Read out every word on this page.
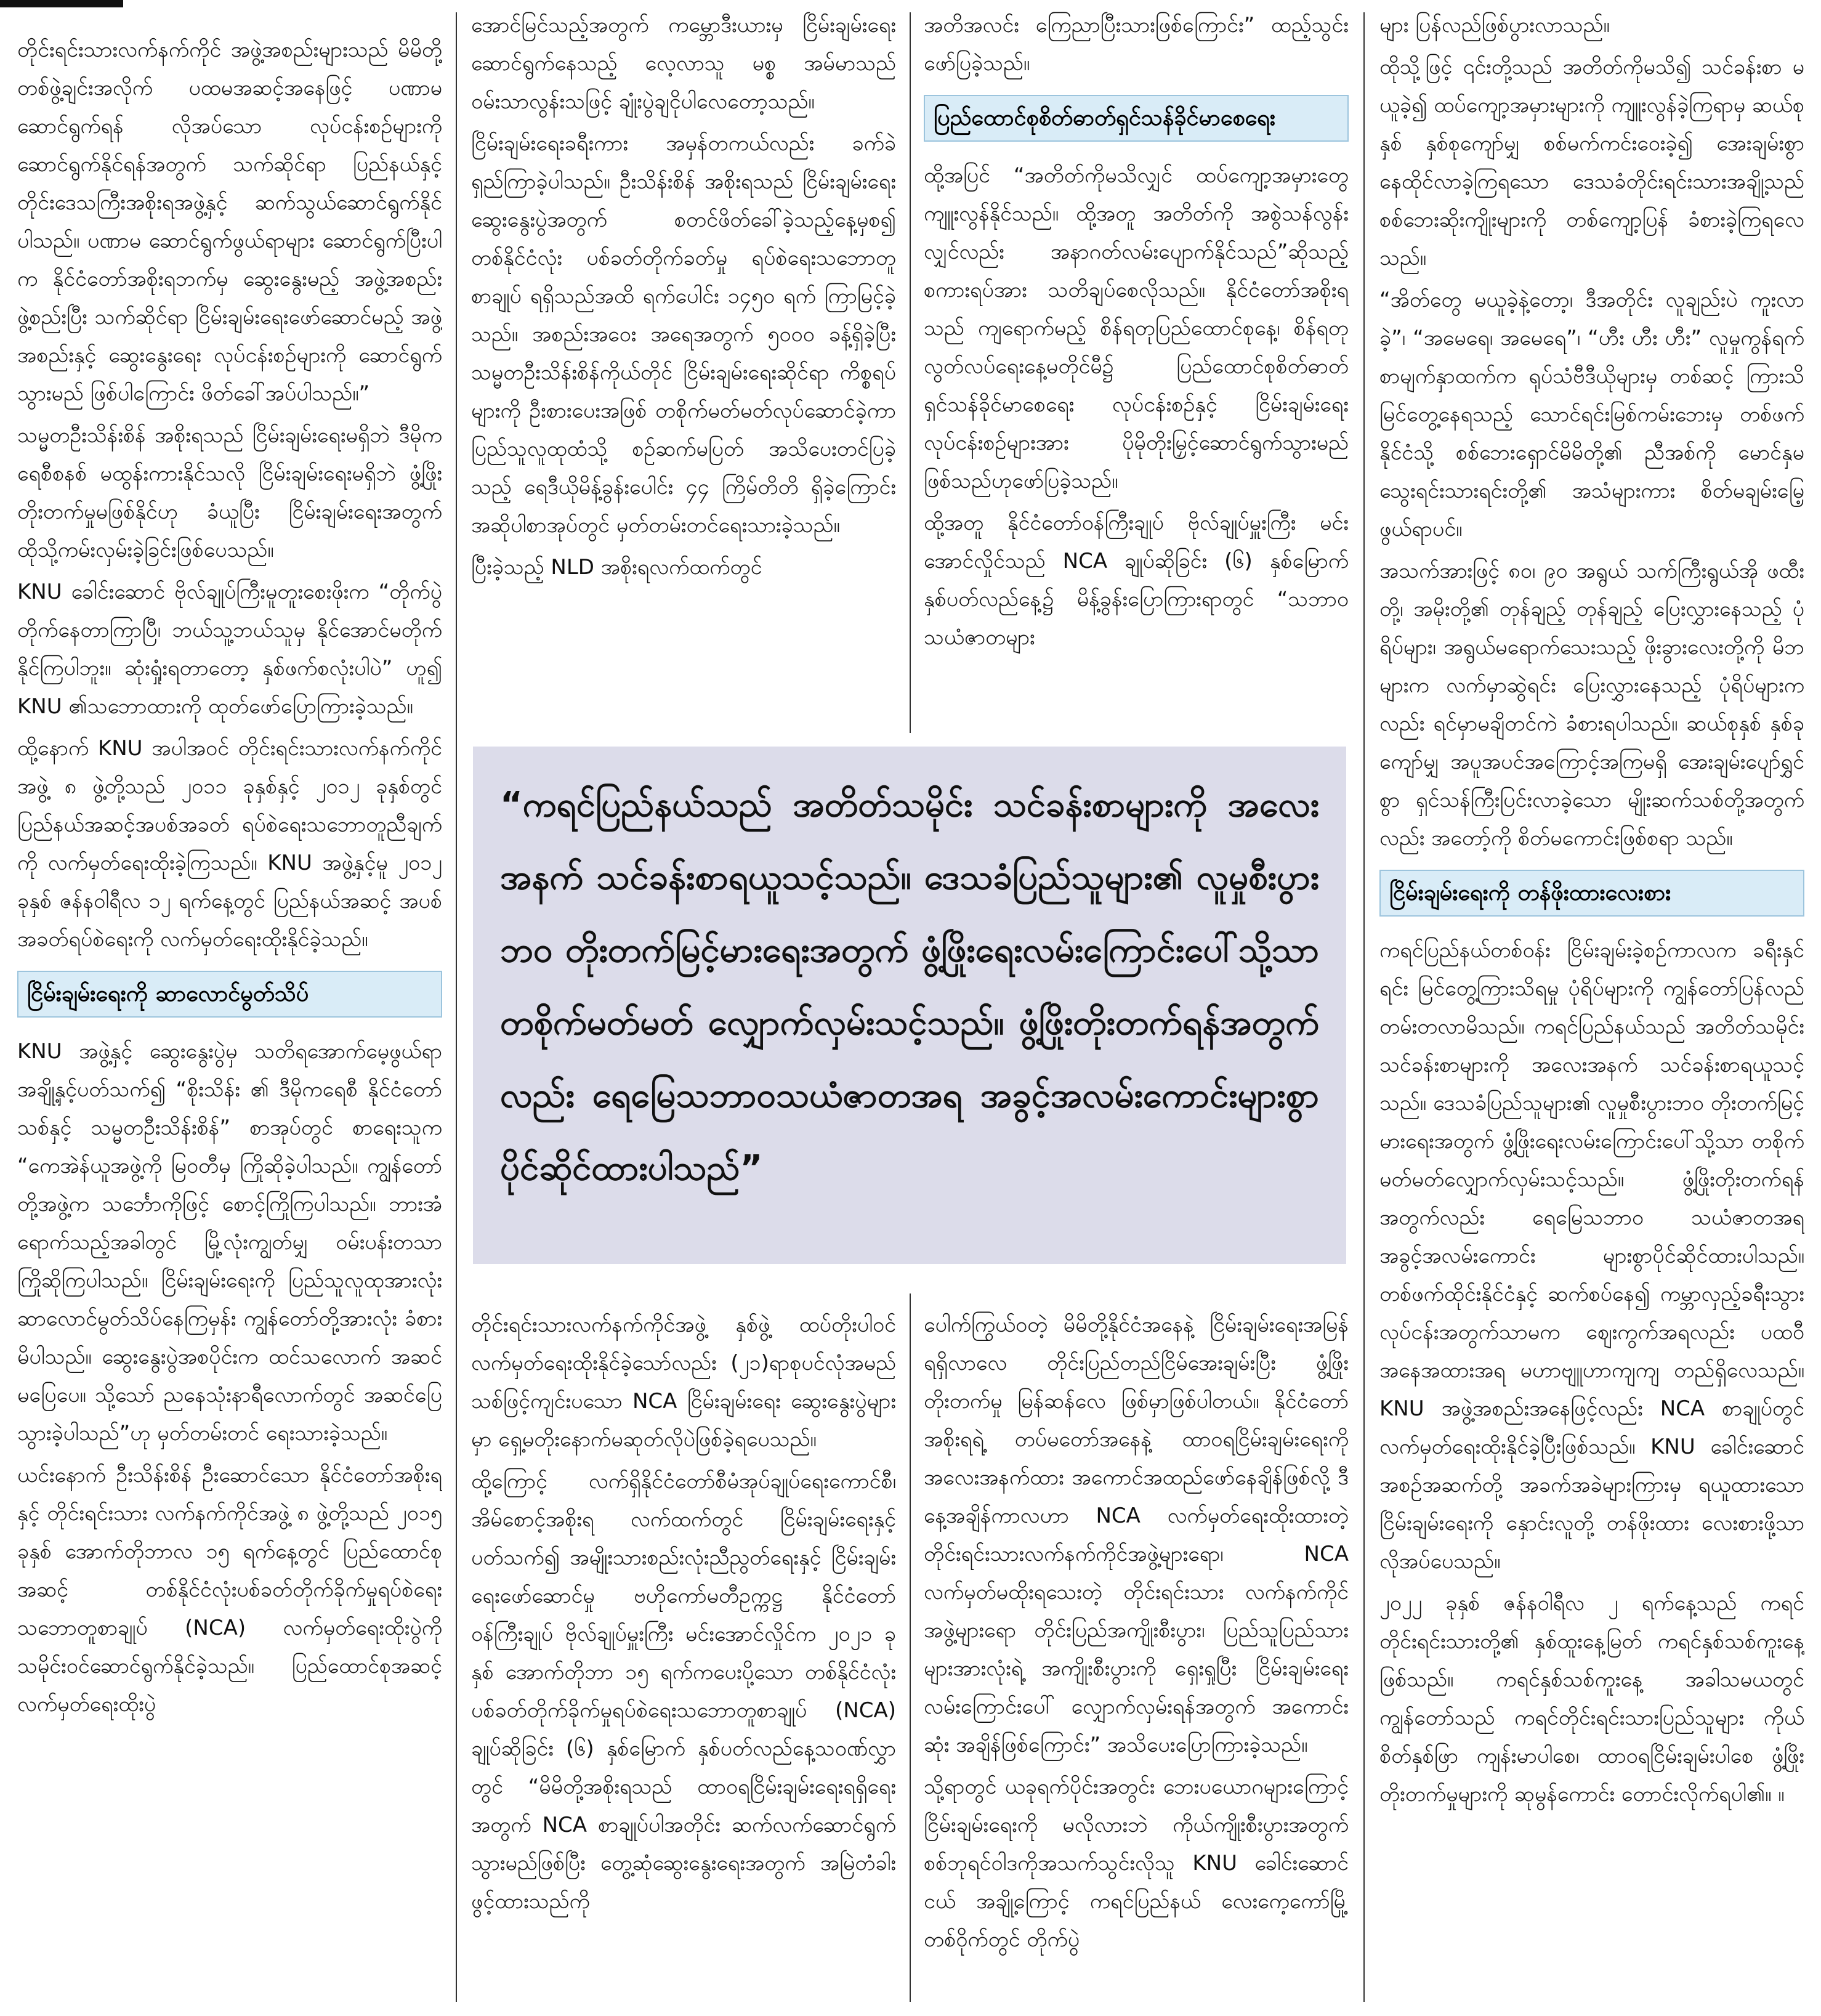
တိုင်းရင်းသားလက်နက်ကိုင် အဖွဲ့အစည်းများသည် မိမိတို့ တစ်ဖွဲ့ချင်းအလိုက် ပထမအဆင့်အနေဖြင့် ပဏာမဆောင်ရွက်ရန် လိုအပ်သော လုပ်ငန်းစဉ်များကို ဆောင်ရွက်နိုင်ရန်အတွက် သက်ဆိုင်ရာ ပြည်နယ်နှင့် တိုင်းဒေသကြီးအစိုးရအဖွဲ့နှင့် ဆက်သွယ်ဆောင်ရွက်နိုင်ပါသည်။ ပဏာမ ဆောင်ရွက်ဖွယ်ရာများ ဆောင်ရွက်ပြီးပါက နိုင်ငံတော်အစိုးရဘက်မှ ဆွေးနွေးမည့် အဖွဲ့အစည်း ဖွဲ့စည်းပြီး သက်ဆိုင်ရာ ငြိမ်းချမ်းရေးဖော်ဆောင်မည့် အဖွဲ့အစည်းနှင့် ဆွေးနွေးရေး လုပ်ငန်းစဉ်များကို ဆောင်ရွက်သွားမည် ဖြစ်ပါကြောင်း ဖိတ်ခေါ်အပ်ပါသည်။”

သမ္မတဦးသိန်းစိန် အစိုးရသည် ငြိမ်းချမ်းရေးမရှိဘဲ ဒီမိုကရေစီစနစ် မထွန်းကားနိုင်သလို ငြိမ်းချမ်းရေးမရှိဘဲ ဖွံ့ဖြိုးတိုးတက်မှုမဖြစ်နိုင်ဟု ခံယူပြီး ငြိမ်းချမ်းရေးအတွက် ထိုသို့ကမ်းလှမ်းခဲ့ခြင်းဖြစ်ပေသည်။

KNU ခေါင်းဆောင် ဗိုလ်ချုပ်ကြီးမူတူးစေးဖိုးက “တိုက်ပွဲတိုက်နေတာကြာပြီ၊ ဘယ်သူ့ဘယ်သူမှ နိုင်အောင်မတိုက်နိုင်ကြပါဘူး။ ဆုံးရှုံးရတာတော့ နှစ်ဖက်စလုံးပါပဲ” ဟူ၍ KNU ၏သဘောထားကို ထုတ်ဖော်ပြောကြားခဲ့သည်။

ထို့နောက် KNU အပါအဝင် တိုင်းရင်းသားလက်နက်ကိုင်အဖွဲ့ ၈ ဖွဲ့တို့သည် ၂၀၁၁ ခုနှစ်နှင့် ၂၀၁၂ ခုနှစ်တွင် ပြည်နယ်အဆင့်အပစ်အခတ် ရပ်စဲရေးသဘောတူညီချက်ကို လက်မှတ်ရေးထိုးခဲ့ကြသည်။ KNU အဖွဲ့နှင့်မူ ၂၀၁၂ ခုနှစ် ဇန်နဝါရီလ ၁၂ ရက်နေ့တွင် ပြည်နယ်အဆင့် အပစ်အခတ်ရပ်စဲရေးကို လက်မှတ်ရေးထိုးနိုင်ခဲ့သည်။

ငြိမ်းချမ်းရေးကို ဆာလောင်မွတ်သိပ်

KNU အဖွဲ့နှင့် ဆွေးနွေးပွဲမှ သတိရအောက်မေ့ဖွယ်ရာအချို့နှင့်ပတ်သက်၍ “စိုးသိန်း ၏ ဒီမိုကရေစီ နိုင်ငံတော်သစ်နှင့် သမ္မတဦးသိန်းစိန်” စာအုပ်တွင် စာရေးသူက “ကေအဲန်ယူအဖွဲ့ကို မြဝတီမှ ကြိုဆိုခဲ့ပါသည်။ ကျွန်တော်တို့အဖွဲ့က သင်္ဘောကိုဖြင့် စောင့်ကြိုကြပါသည်။ ဘားအံရောက်သည့်အခါတွင် မြို့လုံးကျွတ်မျှ ဝမ်းပန်းတသာကြိုဆိုကြပါသည်။ ငြိမ်းချမ်းရေးကို ပြည်သူလူထုအားလုံး ဆာလောင်မွတ်သိပ်နေကြမှန်း ကျွန်တော်တို့အားလုံး ခံစားမိပါသည်။ ဆွေးနွေးပွဲအစပိုင်းက ထင်သလောက် အဆင်မပြေပေ။ သို့သော် ညနေသုံးနာရီလောက်တွင် အဆင်ပြေသွားခဲ့ပါသည်”ဟု မှတ်တမ်းတင် ရေးသားခဲ့သည်။

ယင်းနောက် ဦးသိန်းစိန် ဦးဆောင်သော နိုင်ငံတော်အစိုးရနှင့် တိုင်းရင်းသား လက်နက်ကိုင်အဖွဲ့ ၈ ဖွဲ့တို့သည် ၂၀၁၅ ခုနှစ် အောက်တိုဘာလ ၁၅ ရက်နေ့တွင် ပြည်ထောင်စုအဆင့် တစ်နိုင်ငံလုံးပစ်ခတ်တိုက်ခိုက်မှုရပ်စဲရေး သဘောတူစာချုပ် (NCA) လက်မှတ်ရေးထိုးပွဲကို သမိုင်းဝင်ဆောင်ရွက်နိုင်ခဲ့သည်။ ပြည်ထောင်စုအဆင့် လက်မှတ်ရေးထိုးပွဲ

အောင်မြင်သည့်အတွက် ကမ္ဘောဒီးယားမှ ငြိမ်းချမ်းရေးဆောင်ရွက်နေသည့် လေ့လာသူ မစ္စ အမ်မာသည် ဝမ်းသာလွန်းသဖြင့် ချုံးပွဲချငိုပါလေတော့သည်။

ငြိမ်းချမ်းရေးခရီးကား အမှန်တကယ်လည်း ခက်ခဲရှည်ကြာခဲ့ပါသည်။ ဦးသိန်းစိန် အစိုးရသည် ငြိမ်းချမ်းရေးဆွေးနွေးပွဲအတွက် စတင်ဖိတ်ခေါ်ခဲ့သည့်နေ့မှစ၍ တစ်နိုင်ငံလုံး ပစ်ခတ်တိုက်ခတ်မှု ရပ်စဲရေးသဘောတူစာချုပ် ရရှိသည်အထိ ရက်ပေါင်း ၁၄၅၀ ရက် ကြာမြင့်ခဲ့သည်။ အစည်းအဝေး အရေအတွက် ၅၀၀၀ ခန့်ရှိခဲ့ပြီး သမ္မတဦးသိန်းစိန်ကိုယ်တိုင် ငြိမ်းချမ်းရေးဆိုင်ရာ ကိစ္စရပ်များကို ဦးစားပေးအဖြစ် တစိုက်မတ်မတ်လုပ်ဆောင်ခဲ့ကာ ပြည်သူလူထုထံသို့ စဉ်ဆက်မပြတ် အသိပေးတင်ပြခဲ့သည့် ရေဒီယိုမိန့်ခွန်းပေါင်း ၄၄ ကြိမ်တိတိ ရှိခဲ့ကြောင်း အဆိုပါစာအုပ်တွင် မှတ်တမ်းတင်ရေးသားခဲ့သည်။

ပြီးခဲ့သည့် NLD အစိုးရလက်ထက်တွင်

အတိအလင်း ကြေညာပြီးသားဖြစ်ကြောင်း” ထည့်သွင်းဖော်ပြခဲ့သည်။

ပြည်ထောင်စုစိတ်ဓာတ်ရှင်သန်ခိုင်မာစေရေး

ထို့အပြင် “အတိတ်ကိုမသိလျှင် ထပ်ကျော့အမှားတွေ ကျူးလွန်နိုင်သည်။ ထို့အတူ အတိတ်ကို အစွဲသန်လွန်းလျှင်လည်း အနာဂတ်လမ်းပျောက်နိုင်သည်”ဆိုသည့် စကားရပ်အား သတိချပ်စေလိုသည်။ နိုင်ငံတော်အစိုးရသည် ကျရောက်မည့် စိန်ရတုပြည်ထောင်စုနေ့၊ စိန်ရတုလွတ်လပ်ရေးနေ့မတိုင်မီ၌ ပြည်ထောင်စုစိတ်ဓာတ် ရှင်သန်ခိုင်မာစေရေး လုပ်ငန်းစဉ်နှင့် ငြိမ်းချမ်းရေးလုပ်ငန်းစဉ်များအား ပိုမိုတိုးမြှင့်ဆောင်ရွက်သွားမည်ဖြစ်သည်ဟုဖော်ပြခဲ့သည်။

ထို့အတူ နိုင်ငံတော်ဝန်ကြီးချုပ် ဗိုလ်ချုပ်မှူးကြီး မင်းအောင်လှိုင်သည် NCA ချုပ်ဆိုခြင်း (၆) နှစ်မြောက် နှစ်ပတ်လည်နေ့၌ မိန့်ခွန်းပြောကြားရာတွင် “သဘာဝ သယံဇာတများ

များ ပြန်လည်ဖြစ်ပွားလာသည်။

ထိုသို့ဖြင့် ၎င်းတို့သည် အတိတ်ကိုမသိ၍ သင်ခန်းစာ မယူခဲ့၍ ထပ်ကျော့အမှားများကို ကျူးလွန်ခဲ့ကြရာမှ ဆယ်စုနှစ် နှစ်စုကျော်မျှ စစ်မက်ကင်းဝေးခဲ့၍ အေးချမ်းစွာ နေထိုင်လာခဲ့ကြရသော ဒေသခံတိုင်းရင်းသားအချို့သည် စစ်ဘေးဆိုးကျိုးများကို တစ်ကျော့ပြန် ခံစားခဲ့ကြရလေသည်။

“အိတ်တွေ မယူခဲ့နဲ့တော့၊ ဒီအတိုင်း လူချည်းပဲ ကူးလာခဲ့”၊ “အမေရေ၊ အမေရေ”၊ “ဟီး ဟီး ဟီး” လူမှုကွန်ရက်စာမျက်နှာထက်က ရုပ်သံဗီဒီယိုများမှ တစ်ဆင့် ကြားသိမြင်တွေ့နေရသည့် သောင်ရင်းမြစ်ကမ်းဘေးမှ တစ်ဖက်နိုင်ငံသို့ စစ်ဘေးရှောင်မိမိတို့၏ ညီအစ်ကို မောင်နှမ သွေးရင်းသားရင်းတို့၏ အသံများကား စိတ်မချမ်းမြေ့ဖွယ်ရာပင်။

အသက်အားဖြင့် ၈၀၊ ၉၀ အရွယ် သက်ကြီးရွယ်အို ဖထီးတို့၊ အမိုးတို့၏ တုန်ချည့် တုန်ချည့် ပြေးလွှားနေသည့် ပုံရိပ်များ၊ အရွယ်မရောက်သေးသည့် ဖိုးခွားလေးတို့ကို မိဘများက လက်မှာဆွဲရင်း ပြေးလွှားနေသည့် ပုံရိပ်များကလည်း ရင်မှာမချိတင်ကဲ ခံစားရပါသည်။ ဆယ်စုနှစ် နှစ်ခုကျော်မျှ အပူအပင်အကြောင့်အကြမရှိ အေးချမ်းပျော်ရွှင်စွာ ရှင်သန်ကြီးပြင်းလာခဲ့သော မျိုးဆက်သစ်တို့အတွက်လည်း အတော့်ကို စိတ်မကောင်းဖြစ်စရာ သည်။

ငြိမ်းချမ်းရေးကို တန်ဖိုးထားလေးစား

ကရင်ပြည်နယ်တစ်ဝန်း ငြိမ်းချမ်းခဲ့စဉ်ကာလက ခရီးနှင်ရင်း မြင်တွေ့ကြားသိရမှု ပုံရိပ်များကို ကျွန်တော်ပြန်လည်တမ်းတလာမိသည်။ ကရင်ပြည်နယ်သည် အတိတ်သမိုင်း သင်ခန်းစာများကို အလေးအနက် သင်ခန်းစာရယူသင့်သည်။ ဒေသခံပြည်သူများ၏ လူမှုစီးပွားဘဝ တိုးတက်မြင့်မားရေးအတွက် ဖွံ့ဖြိုးရေးလမ်းကြောင်းပေါ်သို့သာ တစိုက်မတ်မတ်လျှောက်လှမ်းသင့်သည်။ ဖွံ့ဖြိုးတိုးတက်ရန်အတွက်လည်း ရေမြေသဘာဝ သယံဇာတအရ အခွင့်အလမ်းကောင်း များစွာပိုင်ဆိုင်ထားပါသည်။ တစ်ဖက်ထိုင်းနိုင်ငံနှင့် ဆက်စပ်နေ၍ ကမ္ဘာလှည့်ခရီးသွားလုပ်ငန်းအတွက်သာမက ဈေးကွက်အရလည်း ပထဝီအနေအထားအရ မဟာဗျူဟာကျကျ တည်ရှိလေသည်။ KNU အဖွဲ့အစည်းအနေဖြင့်လည်း NCA စာချုပ်တွင် လက်မှတ်ရေးထိုးနိုင်ခဲ့ပြီးဖြစ်သည်။ KNU ခေါင်းဆောင် အစဉ်အဆက်တို့ အခက်အခဲများကြားမှ ရယူထားသော ငြိမ်းချမ်းရေးကို နှောင်းလူတို့ တန်ဖိုးထား လေးစားဖို့သာ လိုအပ်ပေသည်။

၂၀၂၂ ခုနှစ် ဇန်နဝါရီလ ၂ ရက်နေ့သည် ကရင်တိုင်းရင်းသားတို့၏ နှစ်ထူးနေ့မြတ် ကရင်နှစ်သစ်ကူးနေ့ဖြစ်သည်။ ကရင်နှစ်သစ်ကူးနေ့ အခါသမယတွင် ကျွန်တော်သည် ကရင်တိုင်းရင်းသားပြည်သူများ ကိုယ်စိတ်နှစ်ဖြာ ကျန်းမာပါစေ၊ ထာဝရငြိမ်းချမ်းပါစေ ဖွံ့ဖြိုးတိုးတက်မှုများကို ဆုမွန်ကောင်း တောင်းလိုက်ရပါ၏။ ။

“ကရင်ပြည်နယ်သည် အတိတ်သမိုင်း သင်ခန်းစာများကို အလေးအနက် သင်ခန်းစာရယူသင့်သည်။ ဒေသခံပြည်သူများ၏ လူမှုစီးပွားဘဝ တိုးတက်မြင့်မားရေးအတွက် ဖွံ့ဖြိုးရေးလမ်းကြောင်းပေါ်သို့သာ တစိုက်မတ်မတ် လျှောက်လှမ်းသင့်သည်။ ဖွံ့ဖြိုးတိုးတက်ရန်အတွက်လည်း ရေမြေသဘာဝသယံဇာတအရ အခွင့်အလမ်းကောင်းများစွာ ပိုင်ဆိုင်ထားပါသည်”

တိုင်းရင်းသားလက်နက်ကိုင်အဖွဲ့ နှစ်ဖွဲ့ ထပ်တိုးပါဝင်လက်မှတ်ရေးထိုးနိုင်ခဲ့သော်လည်း (၂၁)ရာစုပင်လုံအမည်သစ်ဖြင့်ကျင်းပသော NCA ငြိမ်းချမ်းရေး ဆွေးနွေးပွဲများမှာ ရှေ့မတိုးနောက်မဆုတ်လိုပဲဖြစ်ခဲ့ရပေသည်။

ထို့ကြောင့် လက်ရှိနိုင်ငံတော်စီမံအုပ်ချုပ်ရေးကောင်စီ၊ အိမ်စောင့်အစိုးရ လက်ထက်တွင် ငြိမ်းချမ်းရေးနှင့်ပတ်သက်၍ အမျိုးသားစည်းလုံးညီညွတ်ရေးနှင့် ငြိမ်းချမ်းရေးဖော်ဆောင်မှု ဗဟိုကော်မတီဥက္ကဋ္ဌ နိုင်ငံတော်ဝန်ကြီးချုပ် ဗိုလ်ချုပ်မှူးကြီး မင်းအောင်လှိုင်က ၂၀၂၁ ခုနှစ် အောက်တိုဘာ ၁၅ ရက်ကပေးပို့သော တစ်နိုင်ငံလုံးပစ်ခတ်တိုက်ခိုက်မှုရပ်စဲရေးသဘောတူစာချုပ် (NCA) ချုပ်ဆိုခြင်း (၆) နှစ်မြောက် နှစ်ပတ်လည်နေ့သဝဏ်လွှာတွင် “မိမိတို့အစိုးရသည် ထာဝရငြိမ်းချမ်းရေးရရှိရေးအတွက် NCA စာချုပ်ပါအတိုင်း ဆက်လက်ဆောင်ရွက်သွားမည်ဖြစ်ပြီး တွေ့ဆုံဆွေးနွေးရေးအတွက် အမြဲတံခါးဖွင့်ထားသည်ကို

ပေါက်ကြွယ်ဝတဲ့ မိမိတို့နိုင်ငံအနေနဲ့ ငြိမ်းချမ်းရေးအမြန်ရရှိလာလေ တိုင်းပြည်တည်ငြိမ်အေးချမ်းပြီး ဖွံ့ဖြိုးတိုးတက်မှု မြန်ဆန်လေ ဖြစ်မှာဖြစ်ပါတယ်။ နိုင်ငံတော်အစိုးရရဲ့ တပ်မတော်အနေနဲ့ ထာဝရငြိမ်းချမ်းရေးကို အလေးအနက်ထား အကောင်အထည်ဖော်နေချိန်ဖြစ်လို့ ဒီနေ့အချိန်ကာလဟာ NCA လက်မှတ်ရေးထိုးထားတဲ့ တိုင်းရင်းသားလက်နက်ကိုင်အဖွဲ့များရော၊ NCA လက်မှတ်မထိုးရသေးတဲ့ တိုင်းရင်းသား လက်နက်ကိုင်အဖွဲ့များရော တိုင်းပြည်အကျိုးစီးပွား၊ ပြည်သူပြည်သားများအားလုံးရဲ့ အကျိုးစီးပွားကို ရှေးရှုပြီး ငြိမ်းချမ်းရေးလမ်းကြောင်းပေါ် လျှောက်လှမ်းရန်အတွက် အကောင်းဆုံး အချိန်ဖြစ်ကြောင်း” အသိပေးပြောကြားခဲ့သည်။

သို့ရာတွင် ယခုရက်ပိုင်းအတွင်း ဘေးပယောဂများကြောင့် ငြိမ်းချမ်းရေးကို မလိုလားဘဲ ကိုယ်ကျိုးစီးပွားအတွက် စစ်ဘုရင်ဝါဒကိုအသက်သွင်းလိုသူ KNU ခေါင်းဆောင်ငယ် အချို့ကြောင့် ကရင်ပြည်နယ် လေးကေ့ကော်မြို့ တစ်ဝိုက်တွင် တိုက်ပွဲ
